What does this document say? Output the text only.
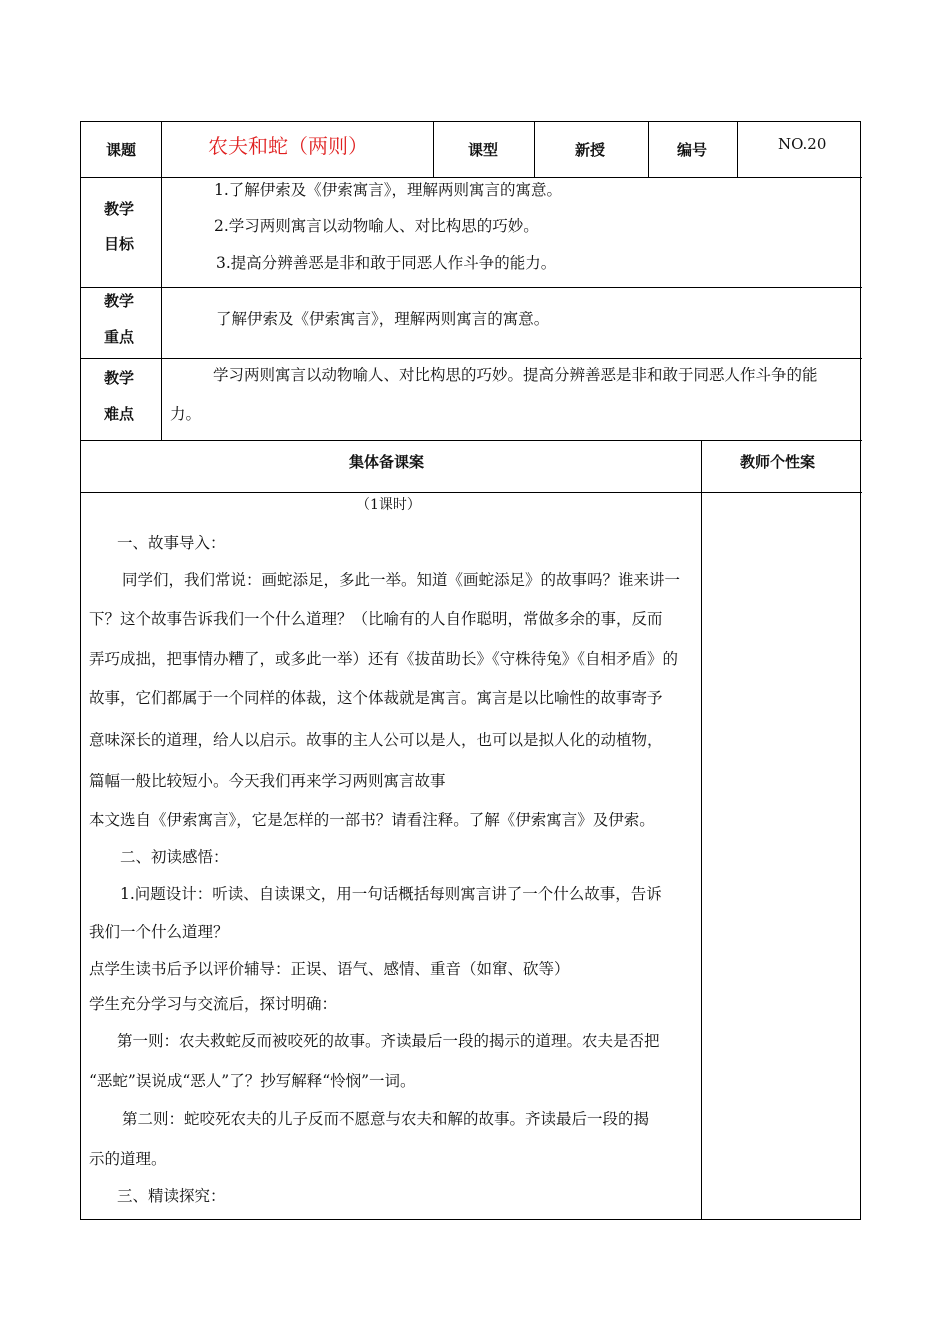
课题	农夫和蛇（两则）	课型	新授	编号	NO.20
教学
目标
1.了解伊索及《伊索寓言》，理解两则寓言的寓意。
2.学习两则寓言以动物喻人、对比构思的巧妙。
3.提高分辨善恶是非和敢于同恶人作斗争的能力。
教学
重点
了解伊索及《伊索寓言》，理解两则寓言的寓意。
教学
难点
学习两则寓言以动物喻人、对比构思的巧妙。提高分辨善恶是非和敢于同恶人作斗争的能
力。
集体备课案	教师个性案
（1课时）
一、故事导入：
同学们，我们常说：画蛇添足，多此一举。知道《画蛇添足》的故事吗？谁来讲一
下？这个故事告诉我们一个什么道理？（比喻有的人自作聪明，常做多余的事，反而
弄巧成拙，把事情办糟了，或多此一举）还有《拔苗助长》《守株待兔》《自相矛盾》的
故事，它们都属于一个同样的体裁，这个体裁就是寓言。寓言是以比喻性的故事寄予
意味深长的道理，给人以启示。故事的主人公可以是人，也可以是拟人化的动植物，
篇幅一般比较短小。今天我们再来学习两则寓言故事
本文选自《伊索寓言》，它是怎样的一部书？请看注释。了解《伊索寓言》及伊索。
二、初读感悟：
1.问题设计：听读、自读课文，用一句话概括每则寓言讲了一个什么故事，告诉
我们一个什么道理？
点学生读书后予以评价辅导：正误、语气、感情、重音（如窜、砍等）
学生充分学习与交流后，探讨明确：
第一则：农夫救蛇反而被咬死的故事。齐读最后一段的揭示的道理。农夫是否把
“恶蛇”误说成“恶人”了？抄写解释“怜悯”一词。
第二则：蛇咬死农夫的儿子反而不愿意与农夫和解的故事。齐读最后一段的揭
示的道理。
三、精读探究：
